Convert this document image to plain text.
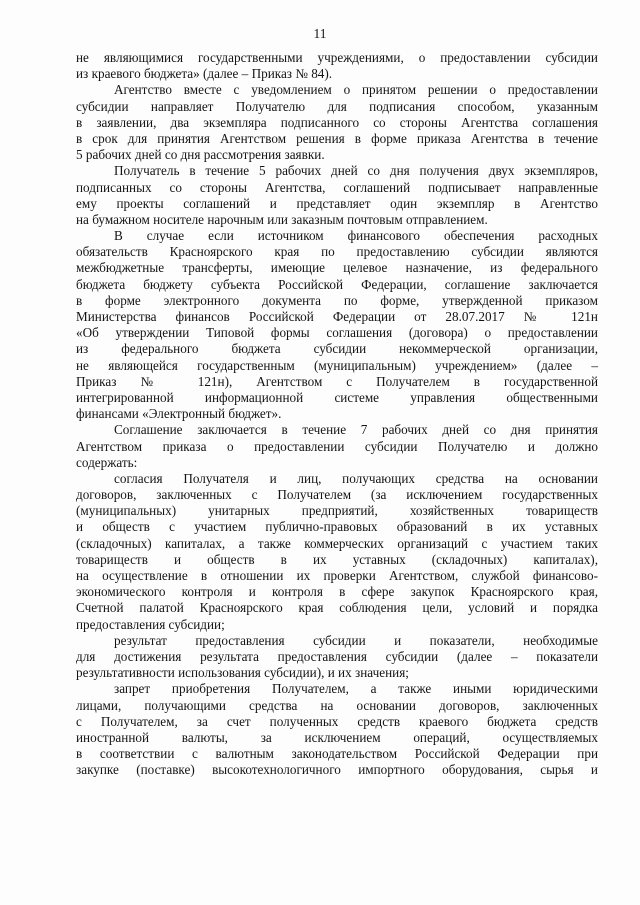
11
не являющимися государственными учреждениями, о предоставлении субсидии
из краевого бюджета» (далее – Приказ № 84).
Агентство вместе с уведомлением о принятом решении о предоставлении
субсидии направляет Получателю для подписания способом, указанным
в заявлении, два экземпляра подписанного со стороны Агентства соглашения
в срок для принятия Агентством решения в форме приказа Агентства в течение
5 рабочих дней со дня рассмотрения заявки.
Получатель в течение 5 рабочих дней со дня получения двух экземпляров,
подписанных со стороны Агентства, соглашений подписывает направленные
ему проекты соглашений и представляет один экземпляр в Агентство
на бумажном носителе нарочным или заказным почтовым отправлением.
В случае если источником финансового обеспечения расходных
обязательств Красноярского края по предоставлению субсидии являются
межбюджетные трансферты, имеющие целевое назначение, из федерального
бюджета бюджету субъекта Российской Федерации, соглашение заключается
в форме электронного документа по форме, утвержденной приказом
Министерства финансов Российской Федерации от 28.07.2017 № 121н
«Об утверждении Типовой формы соглашения (договора) о предоставлении
из федерального бюджета субсидии некоммерческой организации,
не являющейся государственным (муниципальным) учреждением» (далее –
Приказ № 121н), Агентством с Получателем в государственной
интегрированной информационной системе управления общественными
финансами «Электронный бюджет».
Соглашение заключается в течение 7 рабочих дней со дня принятия
Агентством приказа о предоставлении субсидии Получателю и должно
содержать:
согласия Получателя и лиц, получающих средства на основании
договоров, заключенных с Получателем (за исключением государственных
(муниципальных) унитарных предприятий, хозяйственных товариществ
и обществ с участием публично-правовых образований в их уставных
(складочных) капиталах, а также коммерческих организаций с участием таких
товариществ и обществ в их уставных (складочных) капиталах),
на осуществление в отношении их проверки Агентством, службой финансово-
экономического контроля и контроля в сфере закупок Красноярского края,
Счетной палатой Красноярского края соблюдения цели, условий и порядка
предоставления субсидии;
результат предоставления субсидии и показатели, необходимые
для достижения результата предоставления субсидии (далее – показатели
результативности использования субсидии), и их значения;
запрет приобретения Получателем, а также иными юридическими
лицами, получающими средства на основании договоров, заключенных
с Получателем, за счет полученных средств краевого бюджета средств
иностранной валюты, за исключением операций, осуществляемых
в соответствии с валютным законодательством Российской Федерации при
закупке (поставке) высокотехнологичного импортного оборудования, сырья и
